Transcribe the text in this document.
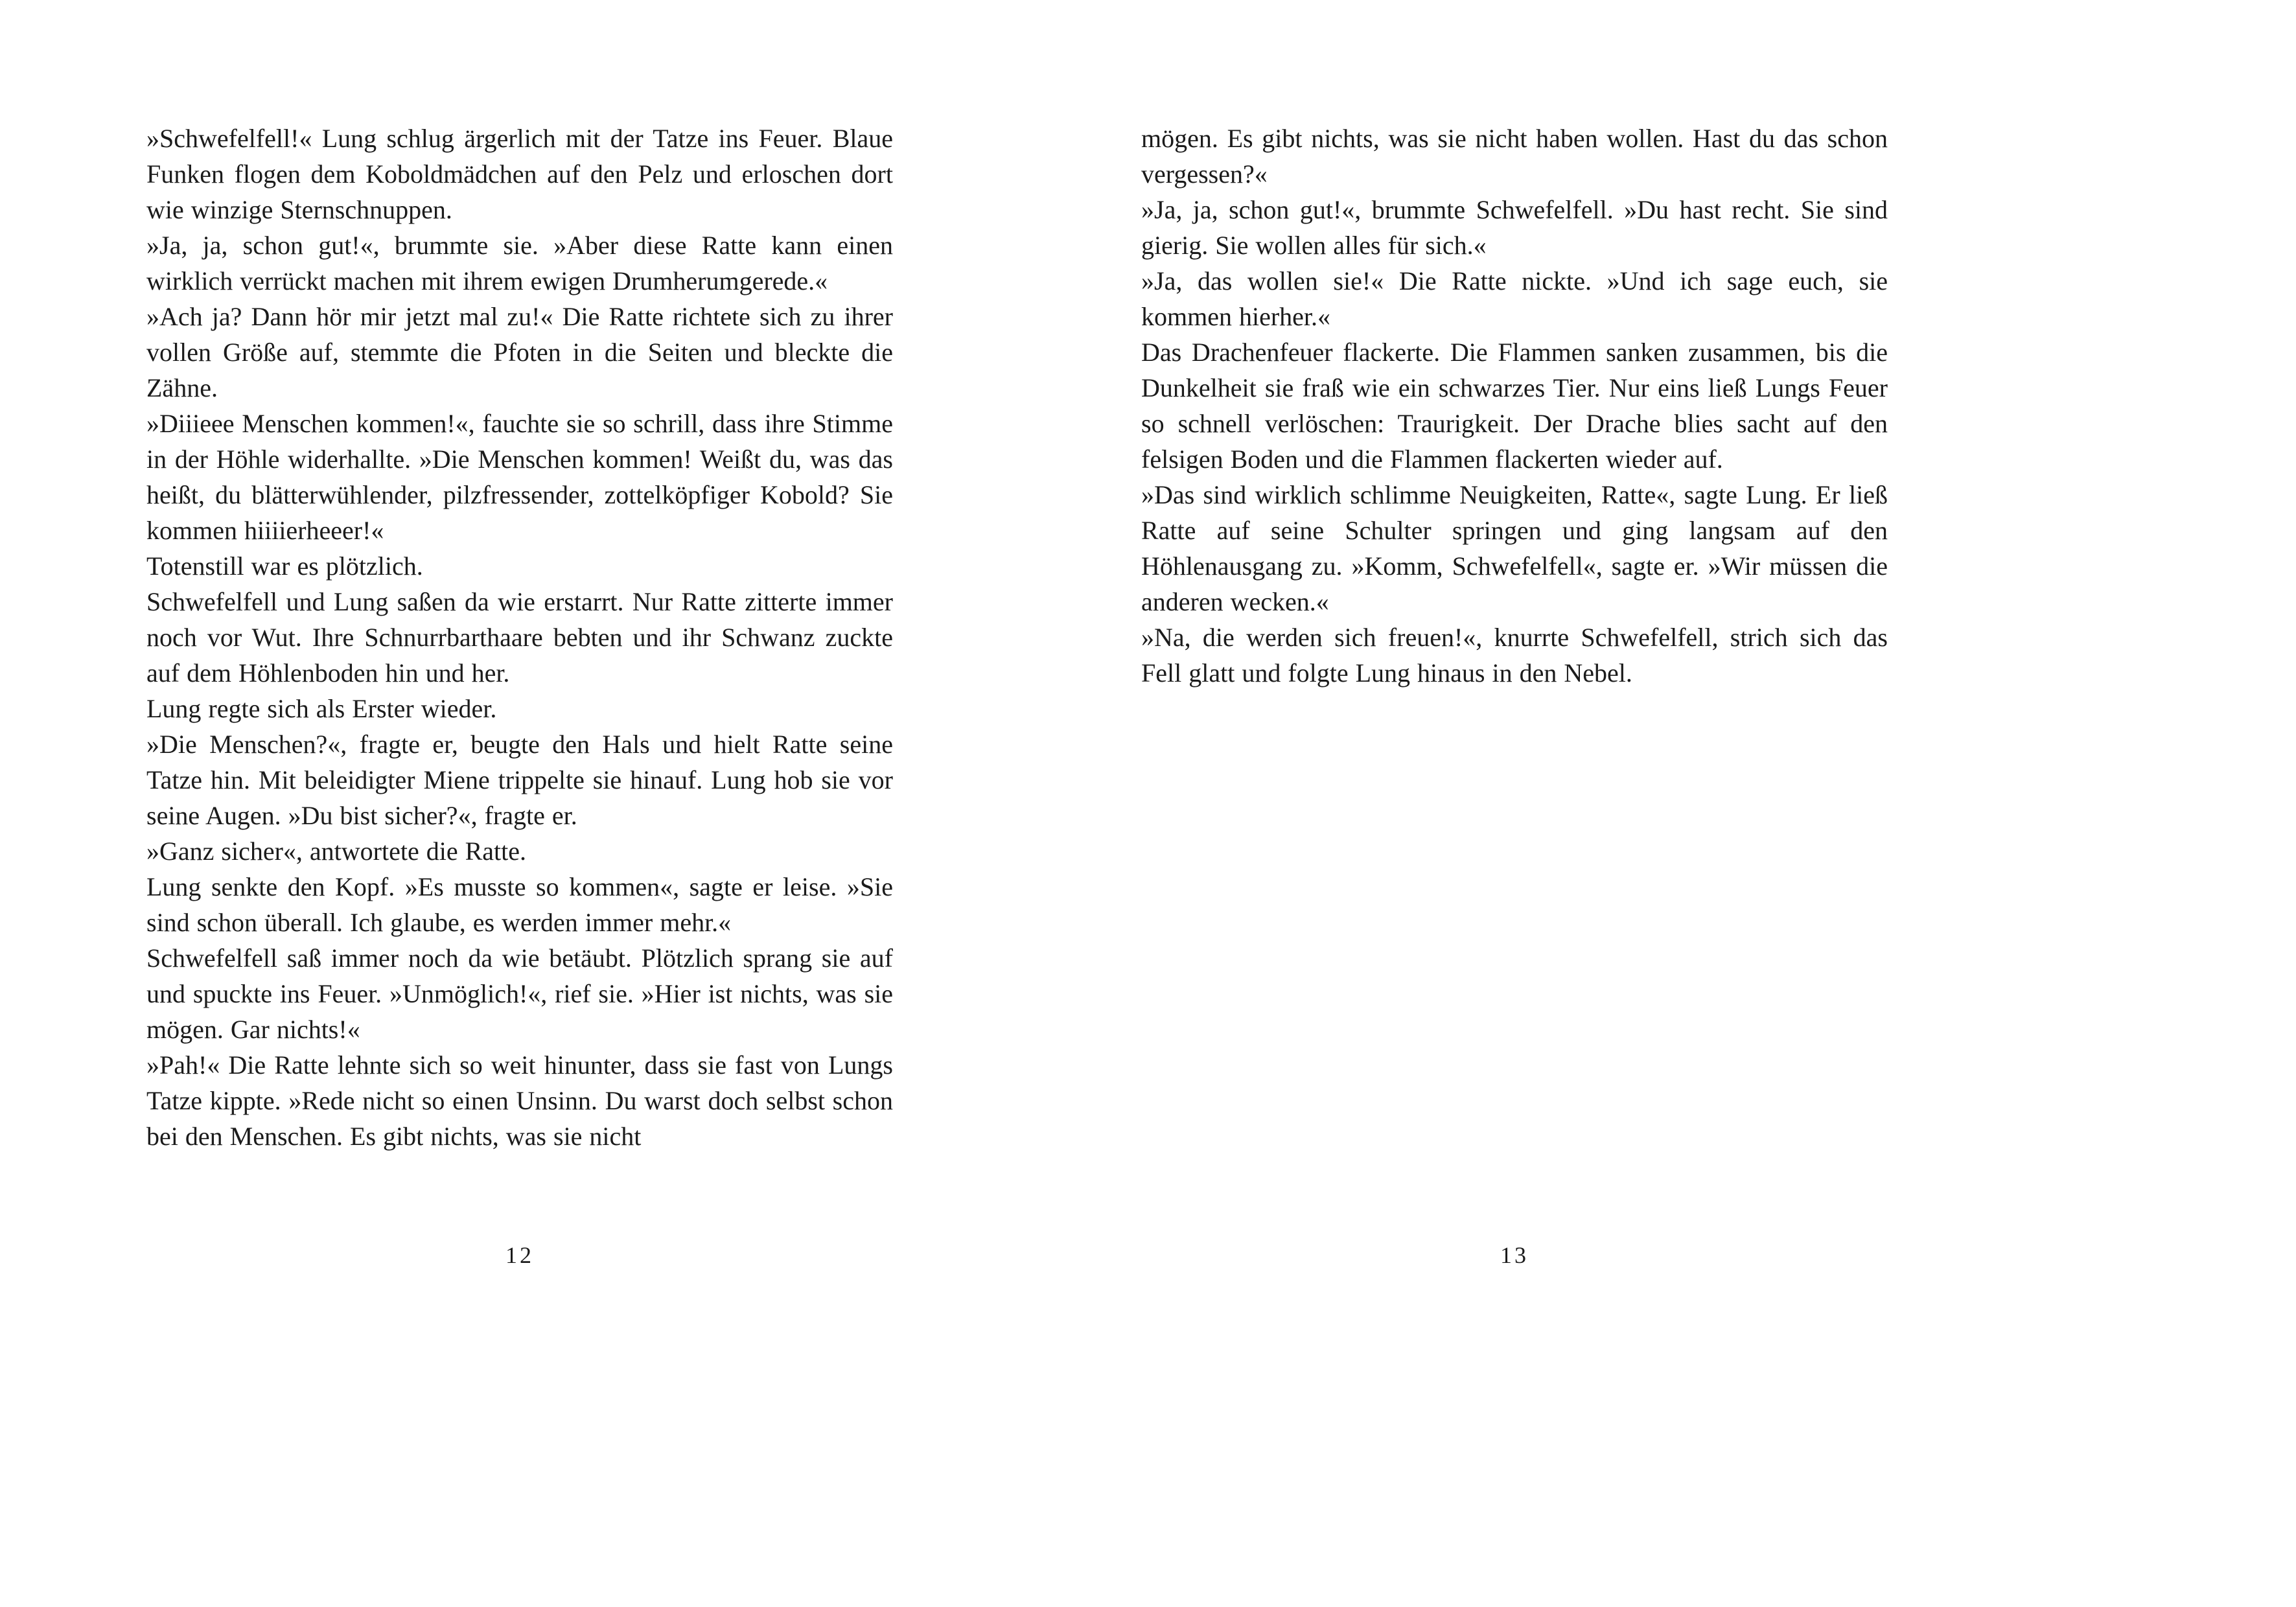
»Schwefelfell!« Lung schlug ärgerlich mit der Tatze ins Feuer. Blaue Funken flogen dem Koboldmädchen auf den Pelz und erloschen dort wie winzige Sternschnuppen.

»Ja, ja, schon gut!«, brummte sie. »Aber diese Ratte kann einen wirklich verrückt machen mit ihrem ewigen Drumherumgerede.«

»Ach ja? Dann hör mir jetzt mal zu!« Die Ratte richtete sich zu ihrer vollen Größe auf, stemmte die Pfoten in die Seiten und bleckte die Zähne.

»Diiieee Menschen kommen!«, fauchte sie so schrill, dass ihre Stimme in der Höhle widerhallte. »Die Menschen kommen! Weißt du, was das heißt, du blätterwühlender, pilzfressender, zottelköpfiger Kobold? Sie kommen hiiiierheeer!«

Totenstill war es plötzlich.

Schwefelfell und Lung saßen da wie erstarrt. Nur Ratte zitterte immer noch vor Wut. Ihre Schnurrbarthaare bebten und ihr Schwanz zuckte auf dem Höhlenboden hin und her.

Lung regte sich als Erster wieder.

»Die Menschen?«, fragte er, beugte den Hals und hielt Ratte seine Tatze hin. Mit beleidigter Miene trippelte sie hinauf. Lung hob sie vor seine Augen. »Du bist sicher?«, fragte er.

»Ganz sicher«, antwortete die Ratte.

Lung senkte den Kopf. »Es musste so kommen«, sagte er leise. »Sie sind schon überall. Ich glaube, es werden immer mehr.«

Schwefelfell saß immer noch da wie betäubt. Plötzlich sprang sie auf und spuckte ins Feuer. »Unmöglich!«, rief sie. »Hier ist nichts, was sie mögen. Gar nichts!«

»Pah!« Die Ratte lehnte sich so weit hinunter, dass sie fast von Lungs Tatze kippte. »Rede nicht so einen Unsinn. Du warst doch selbst schon bei den Menschen. Es gibt nichts, was sie nicht

mögen. Es gibt nichts, was sie nicht haben wollen. Hast du das schon vergessen?«

»Ja, ja, schon gut!«, brummte Schwefelfell. »Du hast recht. Sie sind gierig. Sie wollen alles für sich.«

»Ja, das wollen sie!« Die Ratte nickte. »Und ich sage euch, sie kommen hierher.«

Das Drachenfeuer flackerte. Die Flammen sanken zusammen, bis die Dunkelheit sie fraß wie ein schwarzes Tier. Nur eins ließ Lungs Feuer so schnell verlöschen: Traurigkeit. Der Drache blies sacht auf den felsigen Boden und die Flammen flackerten wieder auf.

»Das sind wirklich schlimme Neuigkeiten, Ratte«, sagte Lung. Er ließ Ratte auf seine Schulter springen und ging langsam auf den Höhlenausgang zu. »Komm, Schwefelfell«, sagte er. »Wir müssen die anderen wecken.«

»Na, die werden sich freuen!«, knurrte Schwefelfell, strich sich das Fell glatt und folgte Lung hinaus in den Nebel.

12	13
